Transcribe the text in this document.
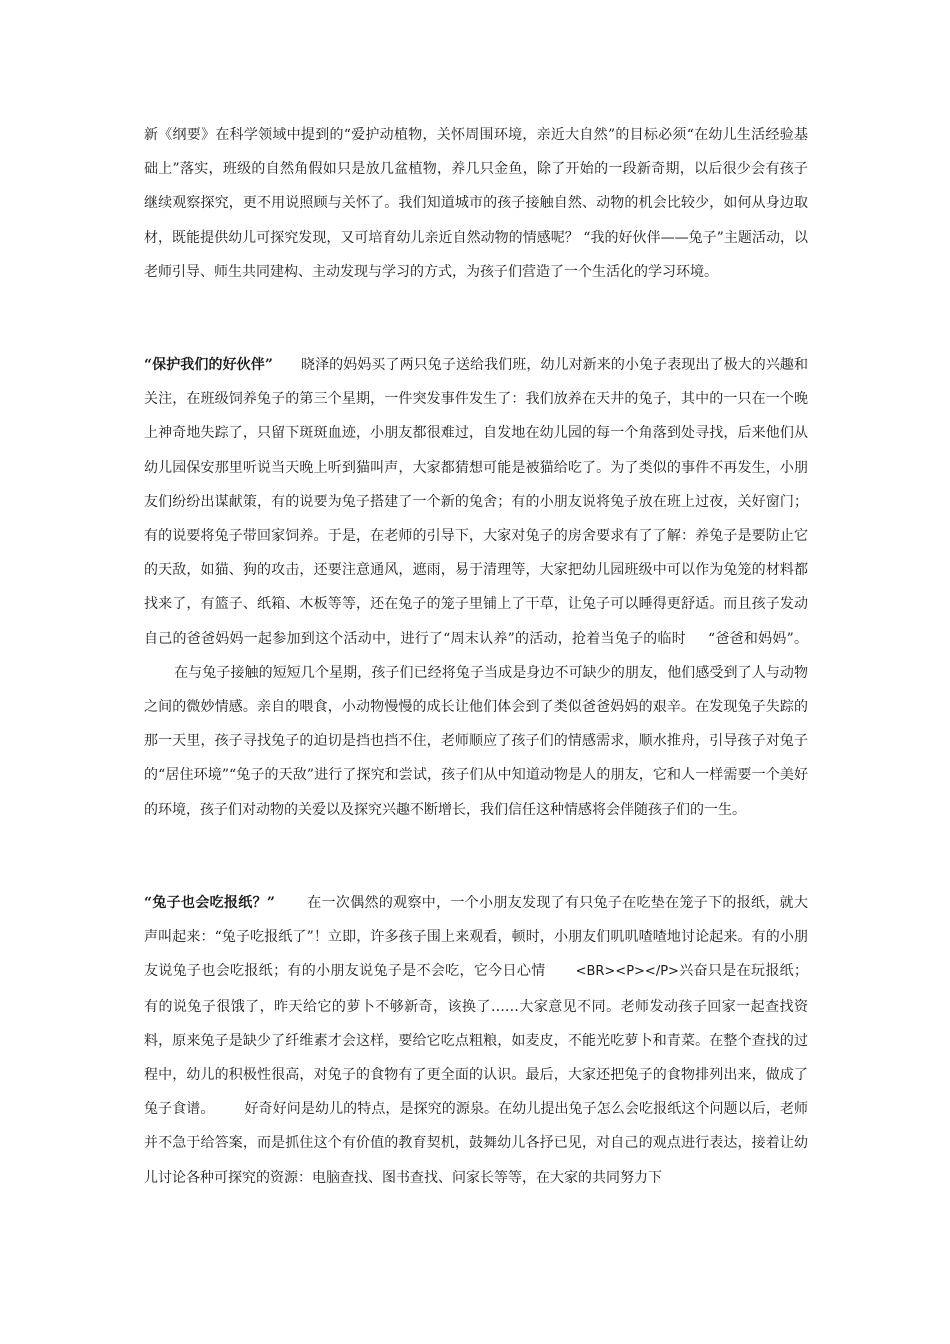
新《纲要》在科学领域中提到的“爱护动植物，关怀周围环境，亲近大自然”的目标必须“在幼儿生活经验基础上”落实，班级的自然角假如只是放几盆植物，养几只金鱼，除了开始的一段新奇期，以后很少会有孩子继续观察探究，更不用说照顾与关怀了。我们知道城市的孩子接触自然、动物的机会比较少，如何从身边取材，既能提供幼儿可探究发现，又可培育幼儿亲近自然动物的情感呢？ “我的好伙伴——兔子”主题活动，以老师引导、师生共同建构、主动发现与学习的方式，为孩子们营造了一个生活化的学习环境。

“保护我们的好伙伴” 晓泽的妈妈买了两只兔子送给我们班，幼儿对新来的小兔子表现出了极大的兴趣和关注，在班级饲养兔子的第三个星期，一件突发事件发生了：我们放养在天井的兔子，其中的一只在一个晚上神奇地失踪了，只留下斑斑血迹，小朋友都很难过，自发地在幼儿园的每一个角落到处寻找，后来他们从幼儿园保安那里听说当天晚上听到猫叫声，大家都猜想可能是被猫给吃了。为了类似的事件不再发生，小朋友们纷纷出谋献策，有的说要为兔子搭建了一个新的兔舍；有的小朋友说将兔子放在班上过夜，关好窗门；有的说要将兔子带回家饲养。于是，在老师的引导下，大家对兔子的房舍要求有了了解：养兔子是要防止它的天敌，如猫、狗的攻击，还要注意通风，遮雨，易于清理等，大家把幼儿园班级中可以作为兔笼的材料都找来了，有篮子、纸箱、木板等等，还在兔子的笼子里铺上了干草，让兔子可以睡得更舒适。而且孩子发动自己的爸爸妈妈一起参加到这个活动中，进行了“周末认养”的活动，抢着当兔子的临时 “爸爸和妈妈”。在与兔子接触的短短几个星期，孩子们已经将兔子当成是身边不可缺少的朋友，他们感受到了人与动物之间的微妙情感。亲自的喂食，小动物慢慢的成长让他们体会到了类似爸爸妈妈的艰辛。在发现兔子失踪的那一天里，孩子寻找兔子的迫切是挡也挡不住，老师顺应了孩子们的情感需求，顺水推舟，引导孩子对兔子的“居住环境”“兔子的天敌”进行了探究和尝试，孩子们从中知道动物是人的朋友，它和人一样需要一个美好的环境，孩子们对动物的关爱以及探究兴趣不断增长，我们信任这种情感将会伴随孩子们的一生。

“兔子也会吃报纸？” 在一次偶然的观察中，一个小朋友发现了有只兔子在吃垫在笼子下的报纸，就大声叫起来：“兔子吃报纸了”！立即，许多孩子围上来观看，顿时，小朋友们叽叽喳喳地讨论起来。有的小朋友说兔子也会吃报纸；有的小朋友说兔子是不会吃，它今日心情 <BR><P></P>兴奋只是在玩报纸；有的说兔子很饿了，昨天给它的萝卜不够新奇，该换了……大家意见不同。老师发动孩子回家一起查找资料，原来兔子是缺少了纤维素才会这样，要给它吃点粗粮，如麦皮，不能光吃萝卜和青菜。在整个查找的过程中，幼儿的积极性很高，对兔子的食物有了更全面的认识。最后，大家还把兔子的食物排列出来，做成了兔子食谱。 好奇好问是幼儿的特点，是探究的源泉。在幼儿提出兔子怎么会吃报纸这个问题以后，老师并不急于给答案，而是抓住这个有价值的教育契机，鼓舞幼儿各抒已见，对自己的观点进行表达，接着让幼儿讨论各种可探究的资源：电脑查找、图书查找、问家长等等，在大家的共同努力下
